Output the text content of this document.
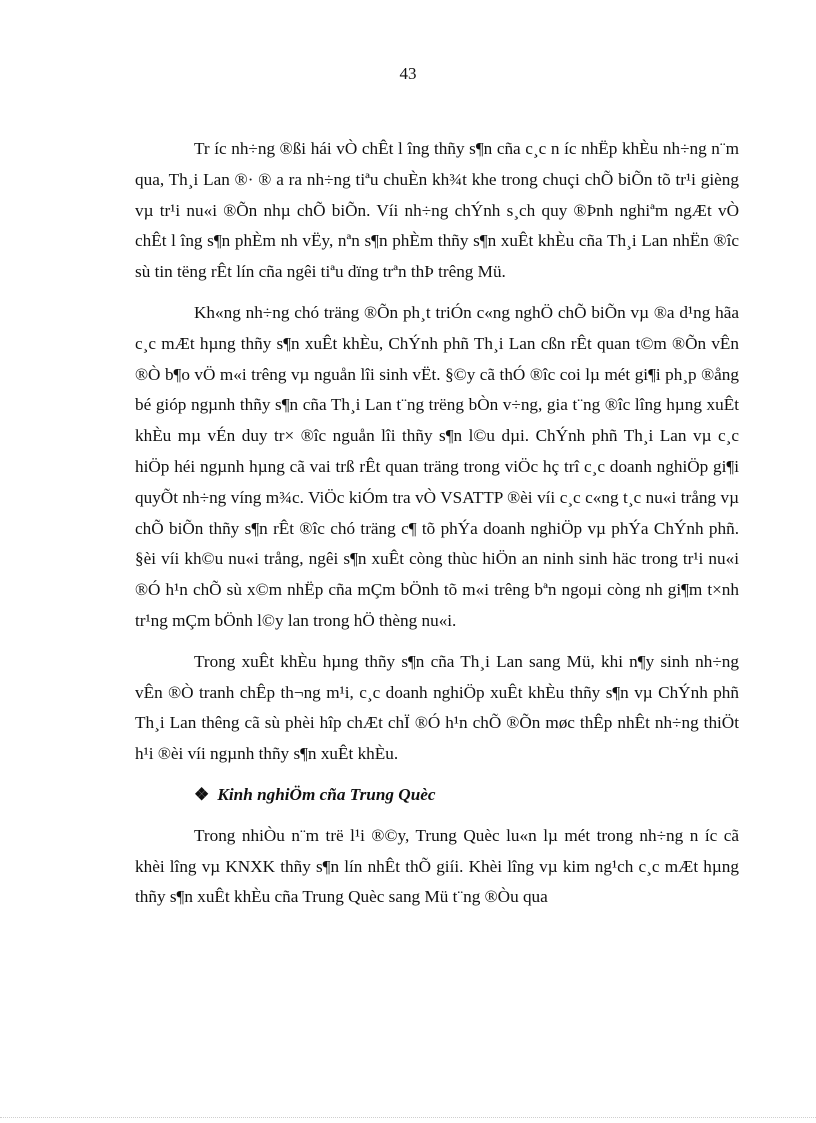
43

Tr íc nh÷ng ®ßi hái vÒ chÊt l îng thñy s¶n cña c¸c n íc nhËp khÈu nh÷ng n¨m qua, Th¸i Lan ®· ® a ra nh÷ng tiªu chuÈn kh¾t khe trong chuçi chÕ biÕn tõ tr¹i gièng vµ tr¹i nu«i ®Õn nhµ chÕ biÕn. Víi nh÷ng chÝnh s¸ch quy ®Þnh nghiªm ngÆt vÒ chÊt l îng s¶n phÈm nh vËy, nªn s¶n phÈm thñy s¶n xuÊt khÈu cña Th¸i Lan nhËn ®îc sù tin tëng rÊt lín cña ngêi tiªu dïng trªn thÞ trêng Mü.

Kh«ng nh÷ng chó träng ®Õn ph¸t triÓn c«ng nghÖ chÕ biÕn vµ ®a d¹ng hãa c¸c mÆt hµng thñy s¶n xuÊt khÈu, ChÝnh phñ Th¸i Lan cßn rÊt quan t©m ®Õn vÊn ®Ò b¶o vÖ m«i trêng vµ nguån lîi sinh vËt. §©y cã thÓ ®îc coi lµ mét gi¶i ph¸p ®ång bé gióp ngµnh thñy s¶n cña Th¸i Lan t¨ng trëng bÒn v÷ng, gia t¨ng ®îc lîng hµng xuÊt khÈu mµ vÉn duy tr× ®îc nguån lîi thñy s¶n l©u dµi. ChÝnh phñ Th¸i Lan vµ c¸c hiÖp héi ngµnh hµng cã vai trß rÊt quan träng trong viÖc hç trî c¸c doanh nghiÖp gi¶i quyÕt nh÷ng víng m¾c. ViÖc kiÓm tra vÒ VSATTP ®èi víi c¸c c«ng t¸c nu«i trång vµ chÕ biÕn thñy s¶n rÊt ®îc chó träng c¶ tõ phÝa doanh nghiÖp vµ phÝa ChÝnh phñ. §èi víi kh©u nu«i trång, ngêi s¶n xuÊt còng thùc hiÖn an ninh sinh häc trong tr¹i nu«i ®Ó h¹n chÕ sù x©m nhËp cña mÇm bÖnh tõ m«i trêng bªn ngoµi còng nh gi¶m t×nh tr¹ng mÇm bÖnh l©y lan trong hÖ thèng nu«i.

Trong xuÊt khÈu hµng thñy s¶n cña Th¸i Lan sang Mü, khi n¶y sinh nh÷ng vÊn ®Ò tranh chÊp th¬ng m¹i, c¸c doanh nghiÖp xuÊt khÈu thñy s¶n vµ ChÝnh phñ Th¸i Lan thêng cã sù phèi hîp chÆt chÏ ®Ó h¹n chÕ ®Õn møc thÊp nhÊt nh÷ng thiÖt h¹i ®èi víi ngµnh thñy s¶n xuÊt khÈu.

❖ Kinh nghiÖm cña Trung Quèc

Trong nhiÒu n¨m trë l¹i ®©y, Trung Quèc lu«n lµ mét trong nh÷ng n íc cã khèi lîng vµ KNXK thñy s¶n lín nhÊt thÕ giíi. Khèi lîng vµ kim ng¹ch c¸c mÆt hµng thñy s¶n xuÊt khÈu cña Trung Quèc sang Mü t¨ng ®Òu qua
